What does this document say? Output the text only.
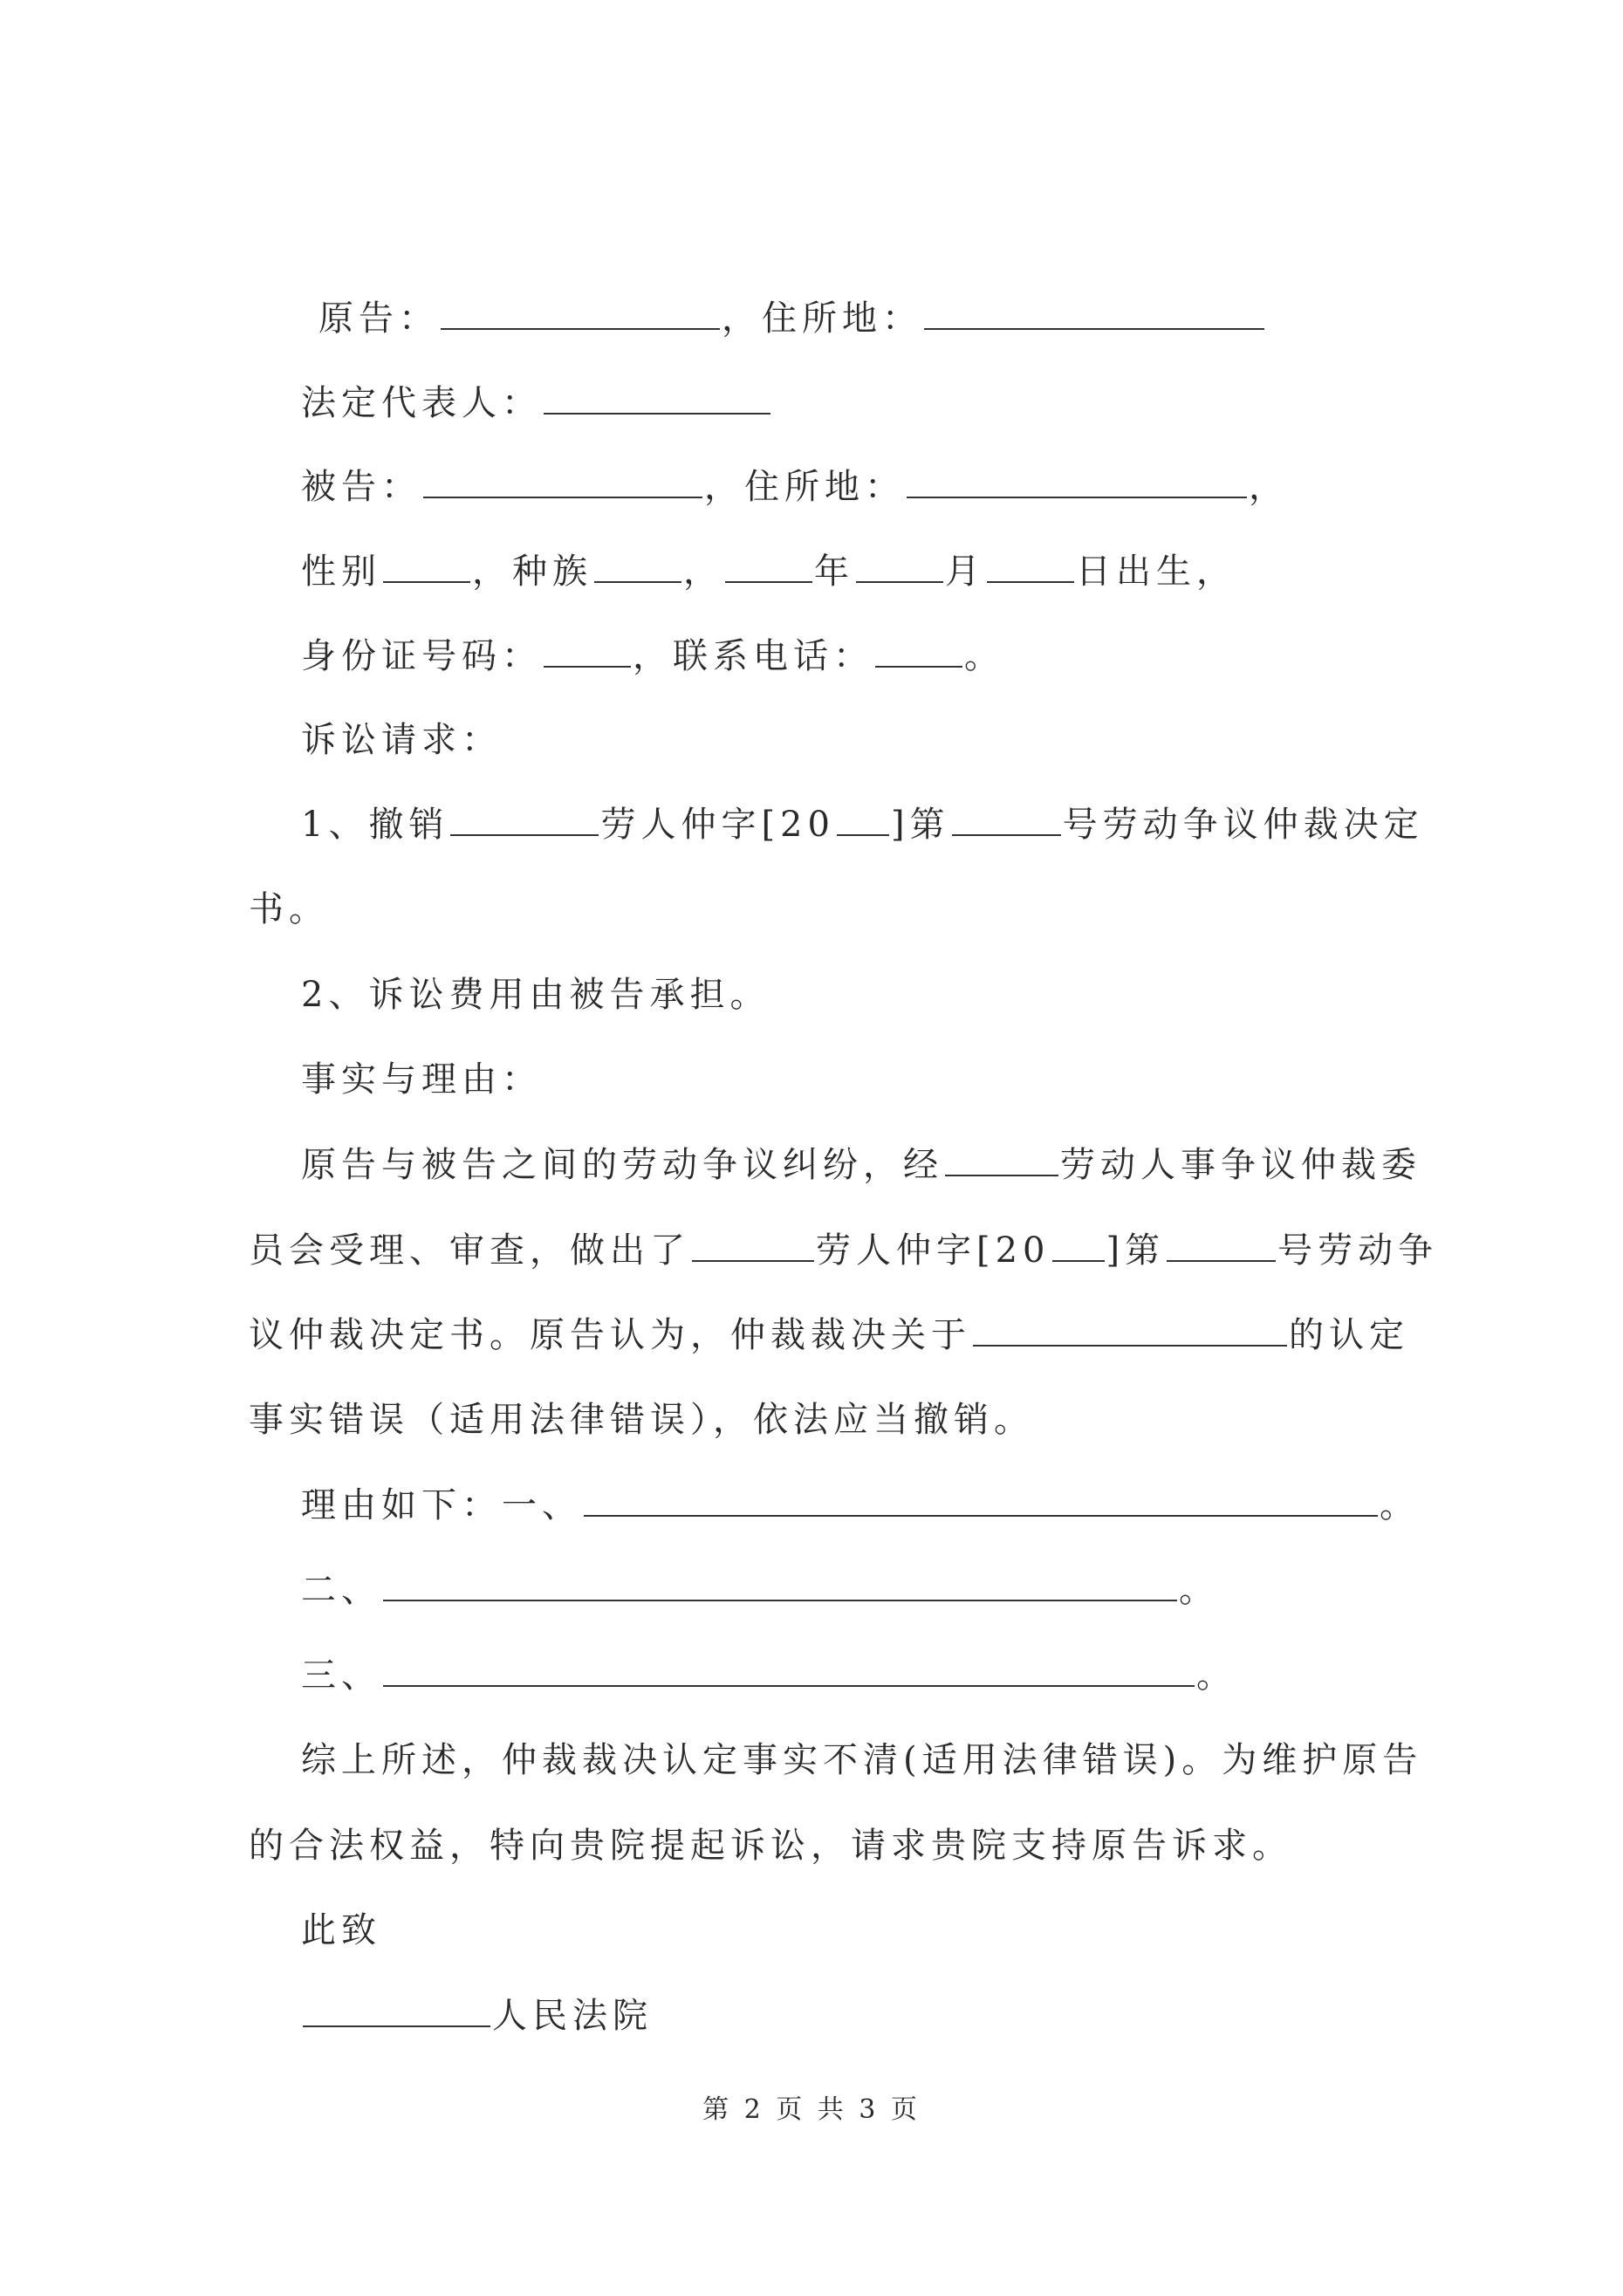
原告：	，住所地：
法定代表人：
被告：	，住所地：	，
性别	，种族	，	年	月	日出生，
身份证号码：	，联系电话：	。
诉讼请求：
1、撤销	劳人仲字[20 ]第	号劳动争议仲裁决定
书。
2、诉讼费用由被告承担。
事实与理由：
原告与被告之间的劳动争议纠纷，经	劳动人事争议仲裁委
员会受理、审查，做出了	劳人仲字[20 ]第	号劳动争
议仲裁决定书。原告认为，仲裁裁决关于	的认定
事实错误（适用法律错误），依法应当撤销。
理由如下：一、	。
二、	。
三、	。
综上所述，仲裁裁决认定事实不清(适用法律错误)。为维护原告
的合法权益，特向贵院提起诉讼，请求贵院支持原告诉求。
此致
人民法院
第 2 页 共 3 页
